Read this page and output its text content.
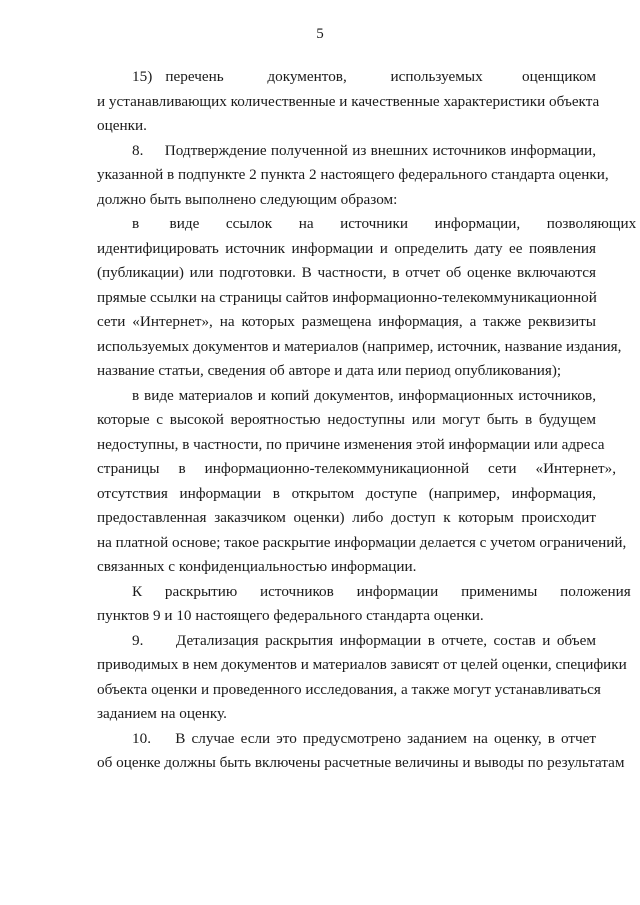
5
15)   перечень          документов,          используемых         оценщиком
и устанавливающих количественные и качественные характеристики объекта
оценки.
8.     Подтверждение полученной из внешних источников информации,
указанной в подпункте 2 пункта 2 настоящего федерального стандарта оценки,
должно быть выполнено следующим образом:
в        виде       ссылок       на       источники       информации,       позволяющих
идентифицировать источник информации и определить дату ее появления
(публикации) или подготовки. В частности, в отчет об оценке включаются
прямые ссылки на страницы сайтов информационно-телекоммуникационной
сети «Интернет», на которых размещена информация, а также реквизиты
используемых документов и материалов (например, источник, название издания,
название статьи, сведения об авторе и дата или период опубликования);
в виде материалов и копий документов, информационных источников,
которые с высокой вероятностью недоступны или могут быть в будущем
недоступны, в частности, по причине изменения этой информации или адреса
страницы     в     информационно-телекоммуникационной     сети     «Интернет»,
отсутствия   информации   в   открытом   доступе   (например,   информация,
предоставленная заказчиком оценки) либо доступ к которым происходит
на платной основе; такое раскрытие информации делается с учетом ограничений,
связанных с конфиденциальностью информации.
К      раскрытию      источников      информации      применимы      положения
пунктов 9 и 10 настоящего федерального стандарта оценки.
9.     Детализация раскрытия информации в отчете, состав и объем
приводимых в нем документов и материалов зависят от целей оценки, специфики
объекта оценки и проведенного исследования, а также могут устанавливаться
заданием на оценку.
10.    В случае если это предусмотрено заданием на оценку, в отчет
об оценке должны быть включены расчетные величины и выводы по результатам
